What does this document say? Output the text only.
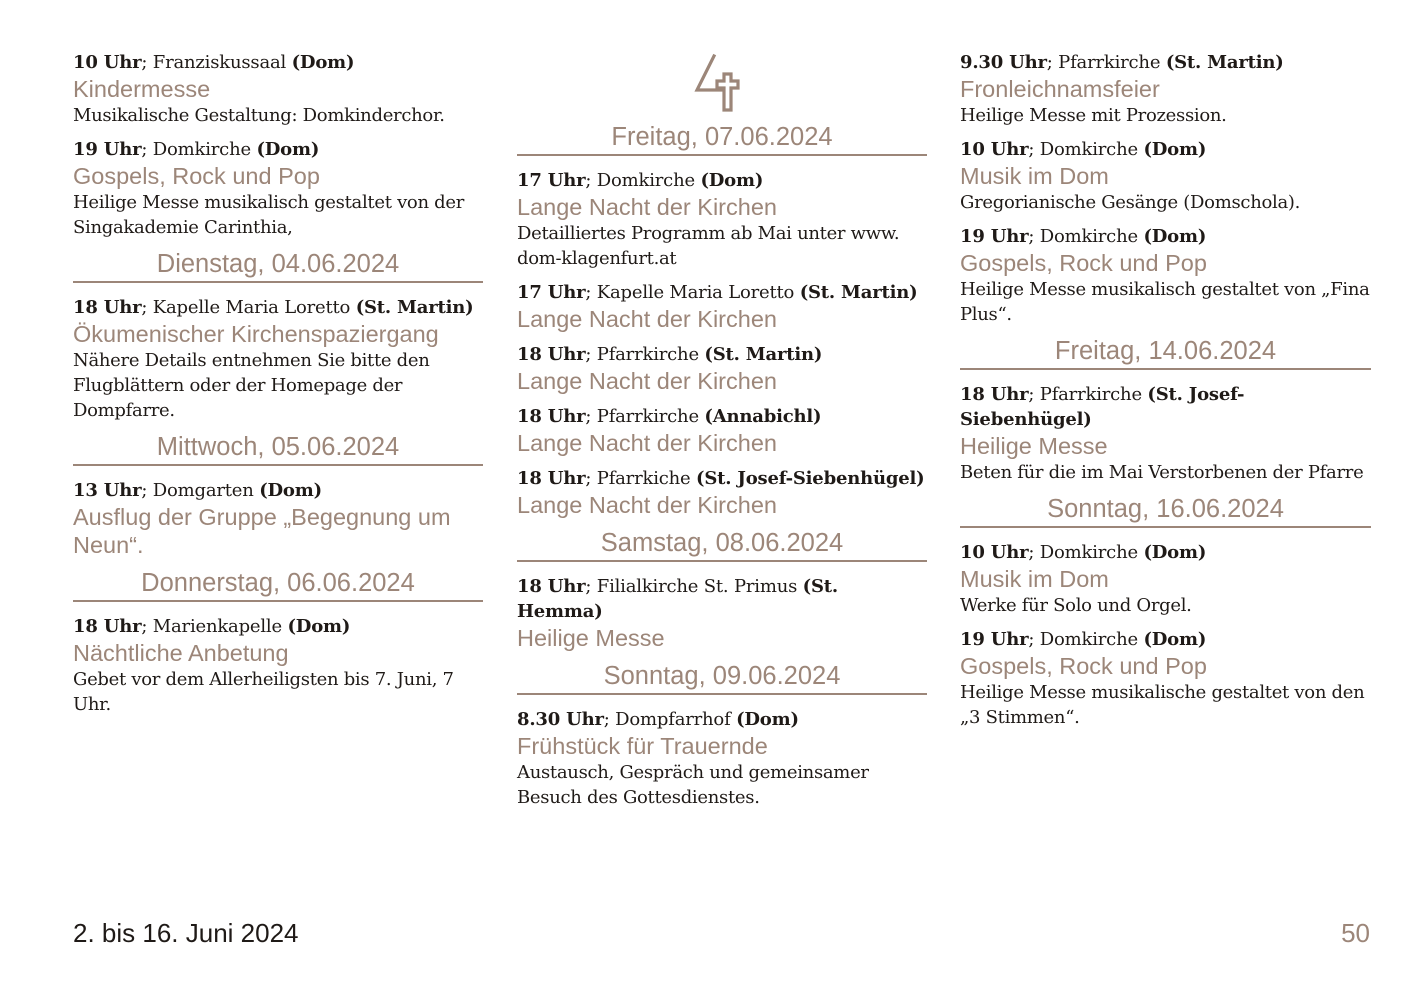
10 Uhr; Franziskussaal (Dom)
Kindermesse
Musikalische Gestaltung: Domkinderchor.
19 Uhr; Domkirche (Dom)
Gospels, Rock und Pop
Heilige Messe musikalisch gestaltet von der Singakademie Carinthia,
Dienstag, 04.06.2024
18 Uhr; Kapelle Maria Loretto (St. Martin)
Ökumenischer Kirchenspaziergang
Nähere Details entnehmen Sie bitte den Flugblättern oder der Homepage der Dompfarre.
Mittwoch, 05.06.2024
13 Uhr; Domgarten (Dom)
Ausflug der Gruppe „Begegnung um Neun“.
Donnerstag, 06.06.2024
18 Uhr; Marienkapelle (Dom)
Nächtliche Anbetung
Gebet vor dem Allerheiligsten bis 7. Juni, 7 Uhr.
Freitag, 07.06.2024
17 Uhr; Domkirche (Dom)
Lange Nacht der Kirchen
Detailliertes Programm ab Mai unter www. dom-klagenfurt.at
17 Uhr; Kapelle Maria Loretto (St. Martin)
Lange Nacht der Kirchen
18 Uhr; Pfarrkirche (St. Martin)
Lange Nacht der Kirchen
18 Uhr; Pfarrkirche (Annabichl)
Lange Nacht der Kirchen
18 Uhr; Pfarrkiche (St. Josef-Siebenhügel)
Lange Nacht der Kirchen
Samstag, 08.06.2024
18 Uhr; Filialkirche St. Primus (St. Hemma)
Heilige Messe
Sonntag, 09.06.2024
8.30 Uhr; Dompfarrhof (Dom)
Frühstück für Trauernde
Austausch, Gespräch und gemeinsamer Besuch des Gottesdienstes.
9.30 Uhr; Pfarrkirche (St. Martin)
Fronleichnamsfeier
Heilige Messe mit Prozession.
10 Uhr; Domkirche (Dom)
Musik im Dom
Gregorianische Gesänge (Domschola).
19 Uhr; Domkirche (Dom)
Gospels, Rock und Pop
Heilige Messe musikalisch gestaltet von „Fina Plus“.
Freitag, 14.06.2024
18 Uhr; Pfarrkirche (St. Josef-Siebenhügel)
Heilige Messe
Beten für die im Mai Verstorbenen der Pfarre
Sonntag, 16.06.2024
10 Uhr; Domkirche (Dom)
Musik im Dom
Werke für Solo und Orgel.
19 Uhr; Domkirche (Dom)
Gospels, Rock und Pop
Heilige Messe musikalische gestaltet von den „3 Stimmen“.
2. bis 16. Juni 2024	50
